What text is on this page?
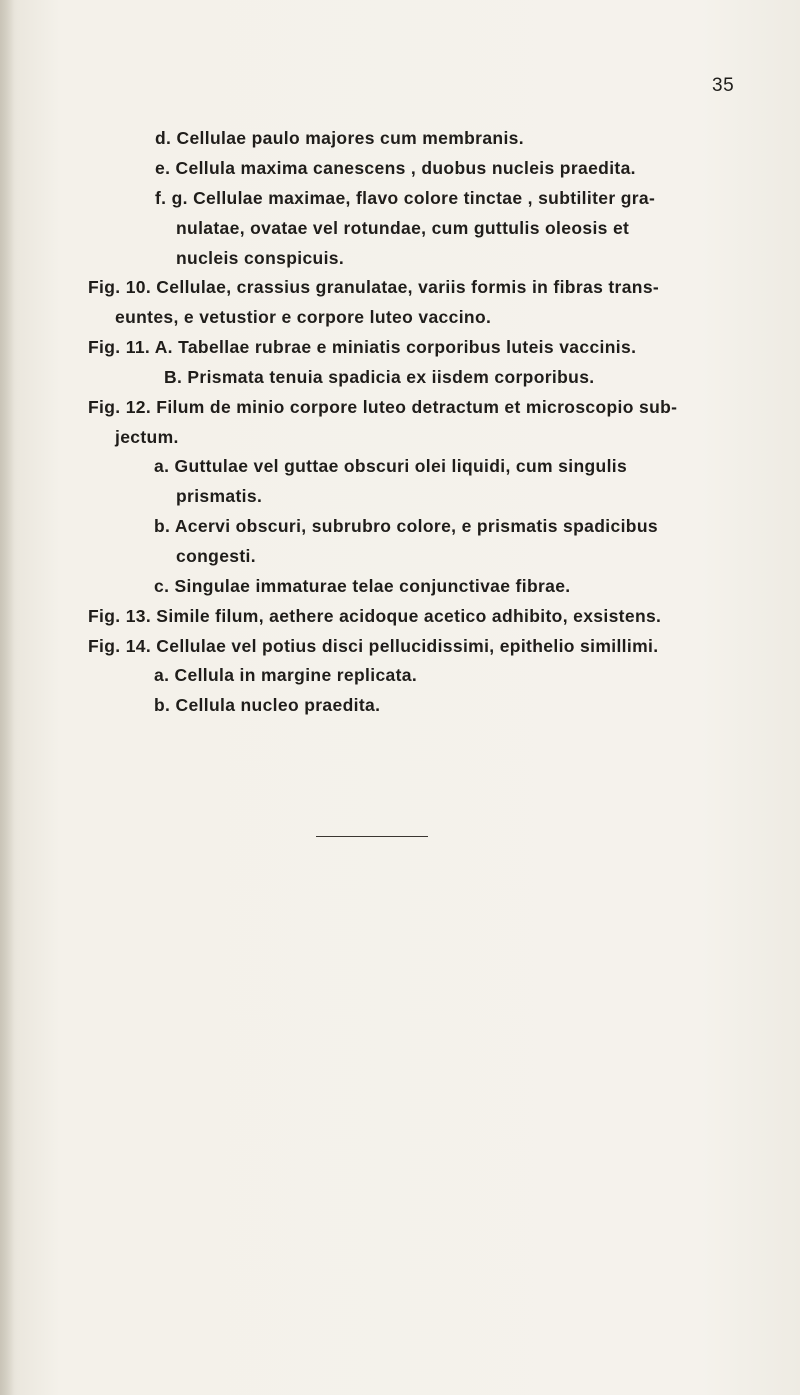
35
d. Cellulae paulo majores cum membranis.
e. Cellula maxima canescens , duobus nucleis praedita.
f. g. Cellulae maximae, flavo colore tinctae , subtiliter gra-
nulatae, ovatae vel rotundae, cum guttulis oleosis et
nucleis conspicuis.
Fig. 10. Cellulae, crassius granulatae, variis formis in fibras trans-
euntes, e vetustior e corpore luteo vaccino.
Fig. 11. A. Tabellae rubrae e miniatis corporibus luteis vaccinis.
B. Prismata tenuia spadicia ex iisdem corporibus.
Fig. 12. Filum de minio corpore luteo detractum et microscopio sub-
jectum.
a. Guttulae vel guttae obscuri olei liquidi, cum singulis
prismatis.
b. Acervi obscuri, subrubro colore, e prismatis spadicibus
congesti.
c. Singulae immaturae telae conjunctivae fibrae.
Fig. 13. Simile filum, aethere acidoque acetico adhibito, exsistens.
Fig. 14. Cellulae vel potius disci pellucidissimi, epithelio simillimi.
a. Cellula in margine replicata.
b. Cellula nucleo praedita.
